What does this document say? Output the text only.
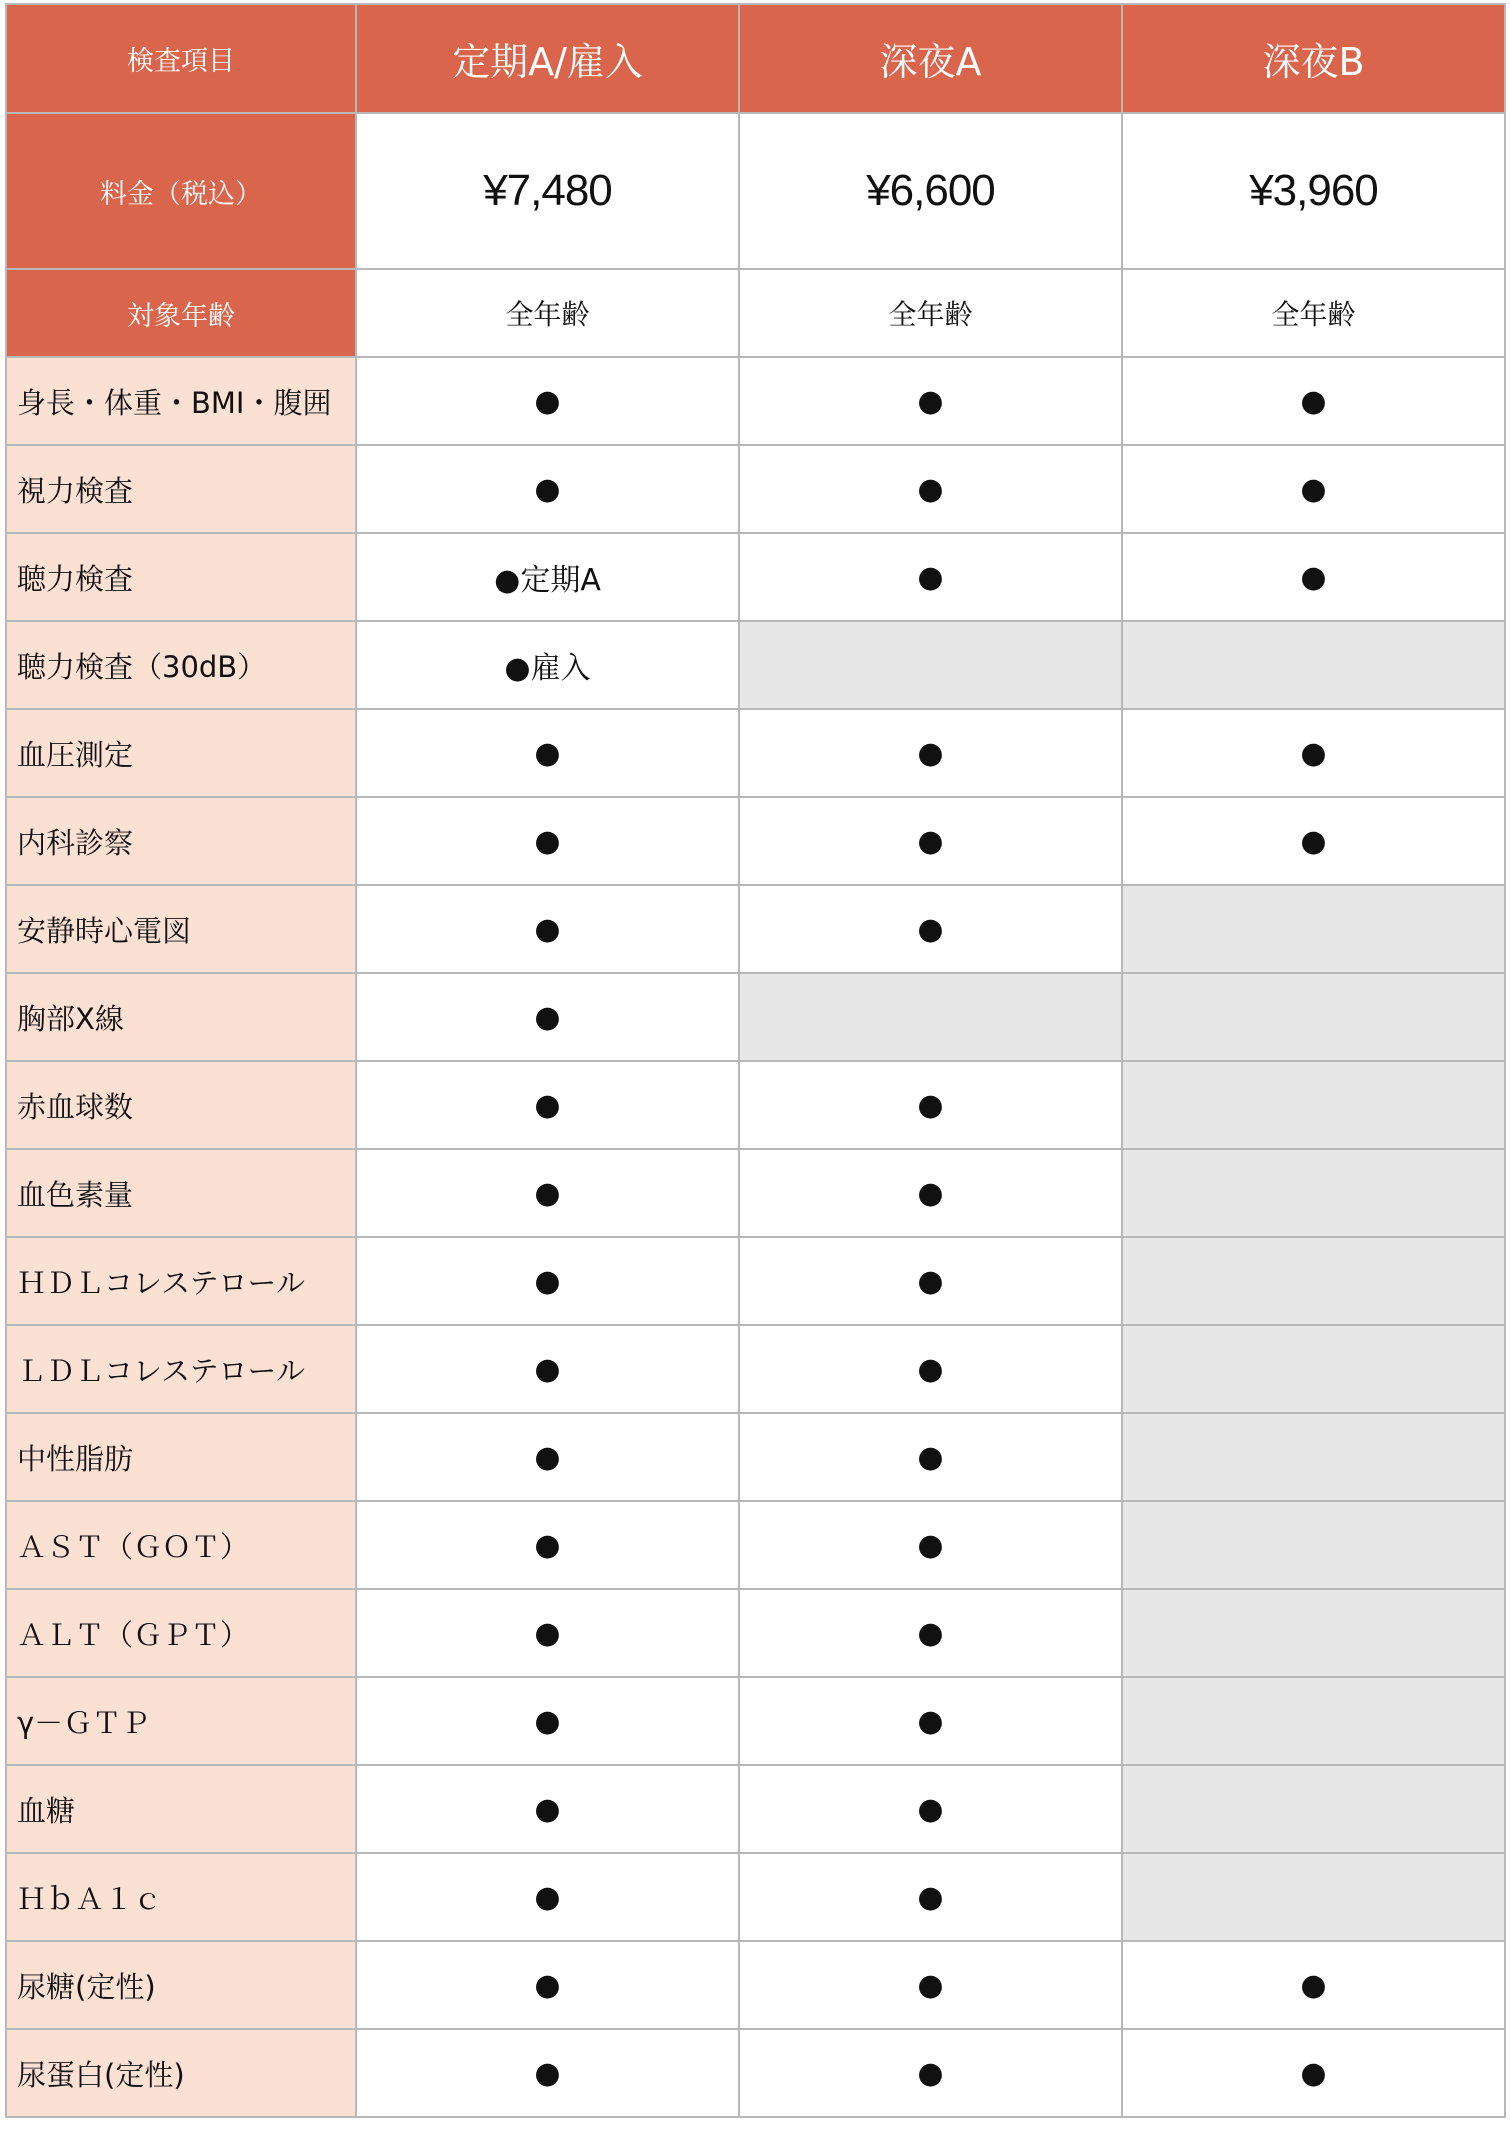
検査項目	定期A/雇入	深夜A	深夜B
料金（税込）	¥7,480	¥6,600	¥3,960
対象年齢	全年齢	全年齢	全年齢
身長・体重・BMI・腹囲	●	●	●
視力検査	●	●	●
聴力検査	●定期A	●	●
聴力検査（30dB）	●雇入		
血圧測定	●	●	●
内科診察	●	●	●
安静時心電図	●	●	
胸部X線	●		
赤血球数	●	●	
血色素量	●	●	
ＨＤＬコレステロール	●	●	
ＬＤＬコレステロール	●	●	
中性脂肪	●	●	
ＡＳＴ（ＧＯＴ）	●	●	
ＡＬＴ（ＧＰＴ）	●	●	
γ－ＧＴＰ	●	●	
血糖	●	●	
ＨｂＡ１ｃ	●	●	
尿糖(定性)	●	●	●
尿蛋白(定性)	●	●	●
